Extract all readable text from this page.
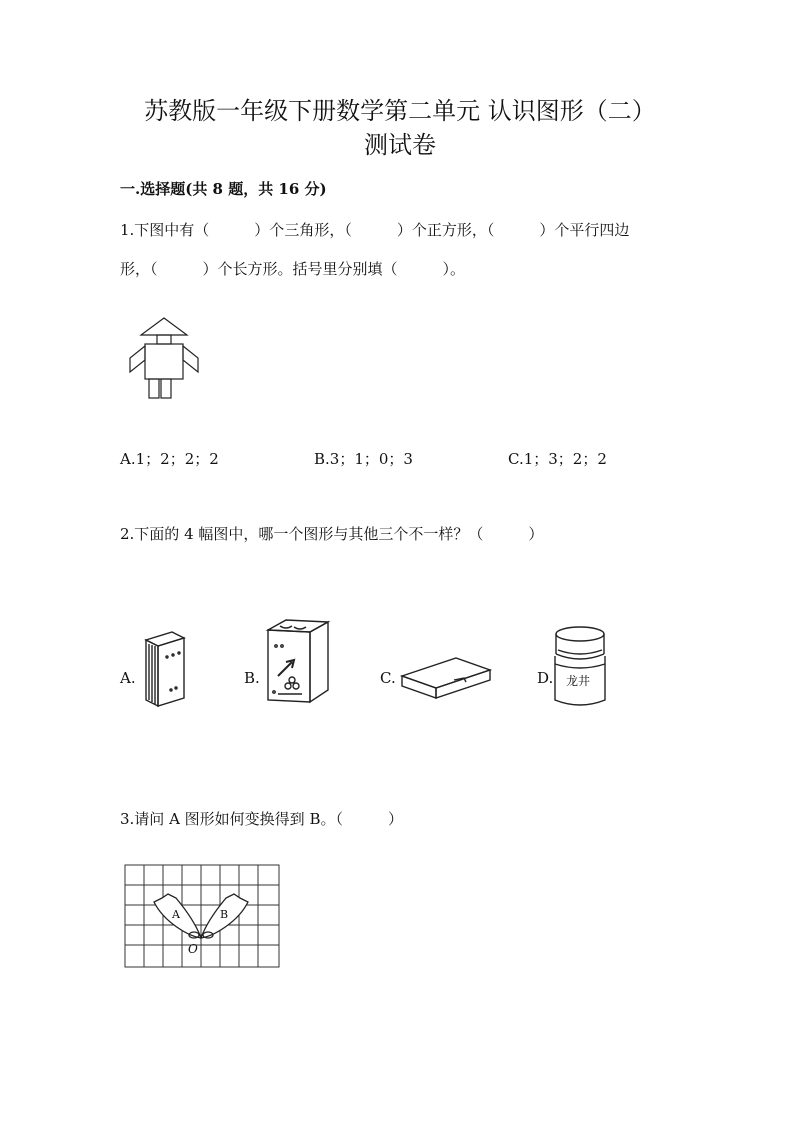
苏教版一年级下册数学第二单元 认识图形（二）
测试卷
一.选择题(共 8 题，共 16 分)
1.下图中有（　　　）个三角形，（　　　）个正方形，（　　　）个平行四边
形，（　　　）个长方形。括号里分别填（　　　）。
A.1；2；2；2	B.3；1；0；3	C.1；3；2；2
2.下面的 4 幅图中，哪一个图形与其他三个不一样？（　　　）
A.	B.	C.	D. 龙井
3.请问 A 图形如何变换得到 B。（　　　）
A	B
O
